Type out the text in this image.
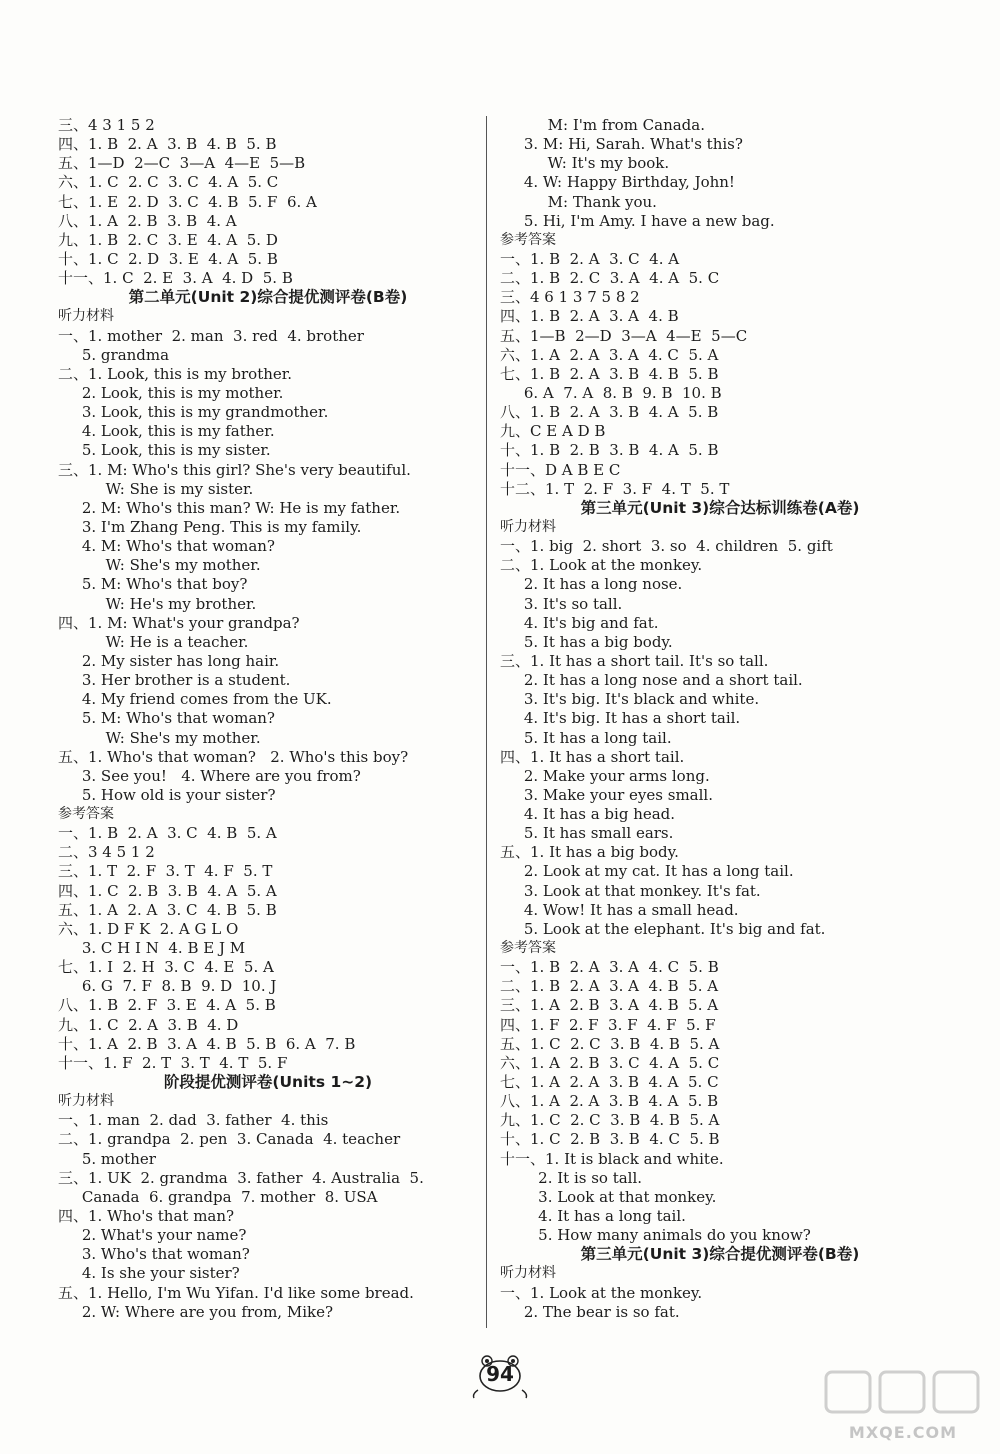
三、4 3 1 5 2
四、1. B  2. A  3. B  4. B  5. B
五、1—D  2—C  3—A  4—E  5—B
六、1. C  2. C  3. C  4. A  5. C
七、1. E  2. D  3. C  4. B  5. F  6. A
八、1. A  2. B  3. B  4. A
九、1. B  2. C  3. E  4. A  5. D
十、1. C  2. D  3. E  4. A  5. B
十一、1. C  2. E  3. A  4. D  5. B
第二单元(Unit 2)综合提优测评卷(B卷)
听力材料
一、1. mother  2. man  3. red  4. brother
5. grandma
二、1. Look, this is my brother.
2. Look, this is my mother.
3. Look, this is my grandmother.
4. Look, this is my father.
5. Look, this is my sister.
三、1. M: Who's this girl? She's very beautiful.
W: She is my sister.
2. M: Who's this man? W: He is my father.
3. I'm Zhang Peng. This is my family.
4. M: Who's that woman?
W: She's my mother.
5. M: Who's that boy?
W: He's my brother.
四、1. M: What's your grandpa?
W: He is a teacher.
2. My sister has long hair.
3. Her brother is a student.
4. My friend comes from the UK.
5. M: Who's that woman?
W: She's my mother.
五、1. Who's that woman?   2. Who's this boy?
3. See you!   4. Where are you from?
5. How old is your sister?
参考答案
一、1. B  2. A  3. C  4. B  5. A
二、3 4 5 1 2
三、1. T  2. F  3. T  4. F  5. T
四、1. C  2. B  3. B  4. A  5. A
五、1. A  2. A  3. C  4. B  5. B
六、1. D F K  2. A G L O
3. C H I N  4. B E J M
七、1. I  2. H  3. C  4. E  5. A
6. G  7. F  8. B  9. D  10. J
八、1. B  2. F  3. E  4. A  5. B
九、1. C  2. A  3. B  4. D
十、1. A  2. B  3. A  4. B  5. B  6. A  7. B
十一、1. F  2. T  3. T  4. T  5. F
阶段提优测评卷(Units 1~2)
听力材料
一、1. man  2. dad  3. father  4. this
二、1. grandpa  2. pen  3. Canada  4. teacher
5. mother
三、1. UK  2. grandma  3. father  4. Australia  5.
Canada  6. grandpa  7. mother  8. USA
四、1. Who's that man?
2. What's your name?
3. Who's that woman?
4. Is she your sister?
五、1. Hello, I'm Wu Yifan. I'd like some bread.
2. W: Where are you from, Mike?
M: I'm from Canada.
3. M: Hi, Sarah. What's this?
W: It's my book.
4. W: Happy Birthday, John!
M: Thank you.
5. Hi, I'm Amy. I have a new bag.
参考答案
一、1. B  2. A  3. C  4. A
二、1. B  2. C  3. A  4. A  5. C
三、4 6 1 3 7 5 8 2
四、1. B  2. A  3. A  4. B
五、1—B  2—D  3—A  4—E  5—C
六、1. A  2. A  3. A  4. C  5. A
七、1. B  2. A  3. B  4. B  5. B
6. A  7. A  8. B  9. B  10. B
八、1. B  2. A  3. B  4. A  5. B
九、C E A D B
十、1. B  2. B  3. B  4. A  5. B
十一、D A B E C
十二、1. T  2. F  3. F  4. T  5. T
第三单元(Unit 3)综合达标训练卷(A卷)
听力材料
一、1. big  2. short  3. so  4. children  5. gift
二、1. Look at the monkey.
2. It has a long nose.
3. It's so tall.
4. It's big and fat.
5. It has a big body.
三、1. It has a short tail. It's so tall.
2. It has a long nose and a short tail.
3. It's big. It's black and white.
4. It's big. It has a short tail.
5. It has a long tail.
四、1. It has a short tail.
2. Make your arms long.
3. Make your eyes small.
4. It has a big head.
5. It has small ears.
五、1. It has a big body.
2. Look at my cat. It has a long tail.
3. Look at that monkey. It's fat.
4. Wow! It has a small head.
5. Look at the elephant. It's big and fat.
参考答案
一、1. B  2. A  3. A  4. C  5. B
二、1. B  2. A  3. A  4. B  5. A
三、1. A  2. B  3. A  4. B  5. A
四、1. F  2. F  3. F  4. F  5. F
五、1. C  2. C  3. B  4. B  5. A
六、1. A  2. B  3. C  4. A  5. C
七、1. A  2. A  3. B  4. A  5. C
八、1. A  2. A  3. B  4. A  5. B
九、1. C  2. C  3. B  4. B  5. A
十、1. C  2. B  3. B  4. C  5. B
十一、1. It is black and white.
2. It is so tall.
3. Look at that monkey.
4. It has a long tail.
5. How many animals do you know?
第三单元(Unit 3)综合提优测评卷(B卷)
听力材料
一、1. Look at the monkey.
2. The bear is so fat.
94
MXQE.COM
